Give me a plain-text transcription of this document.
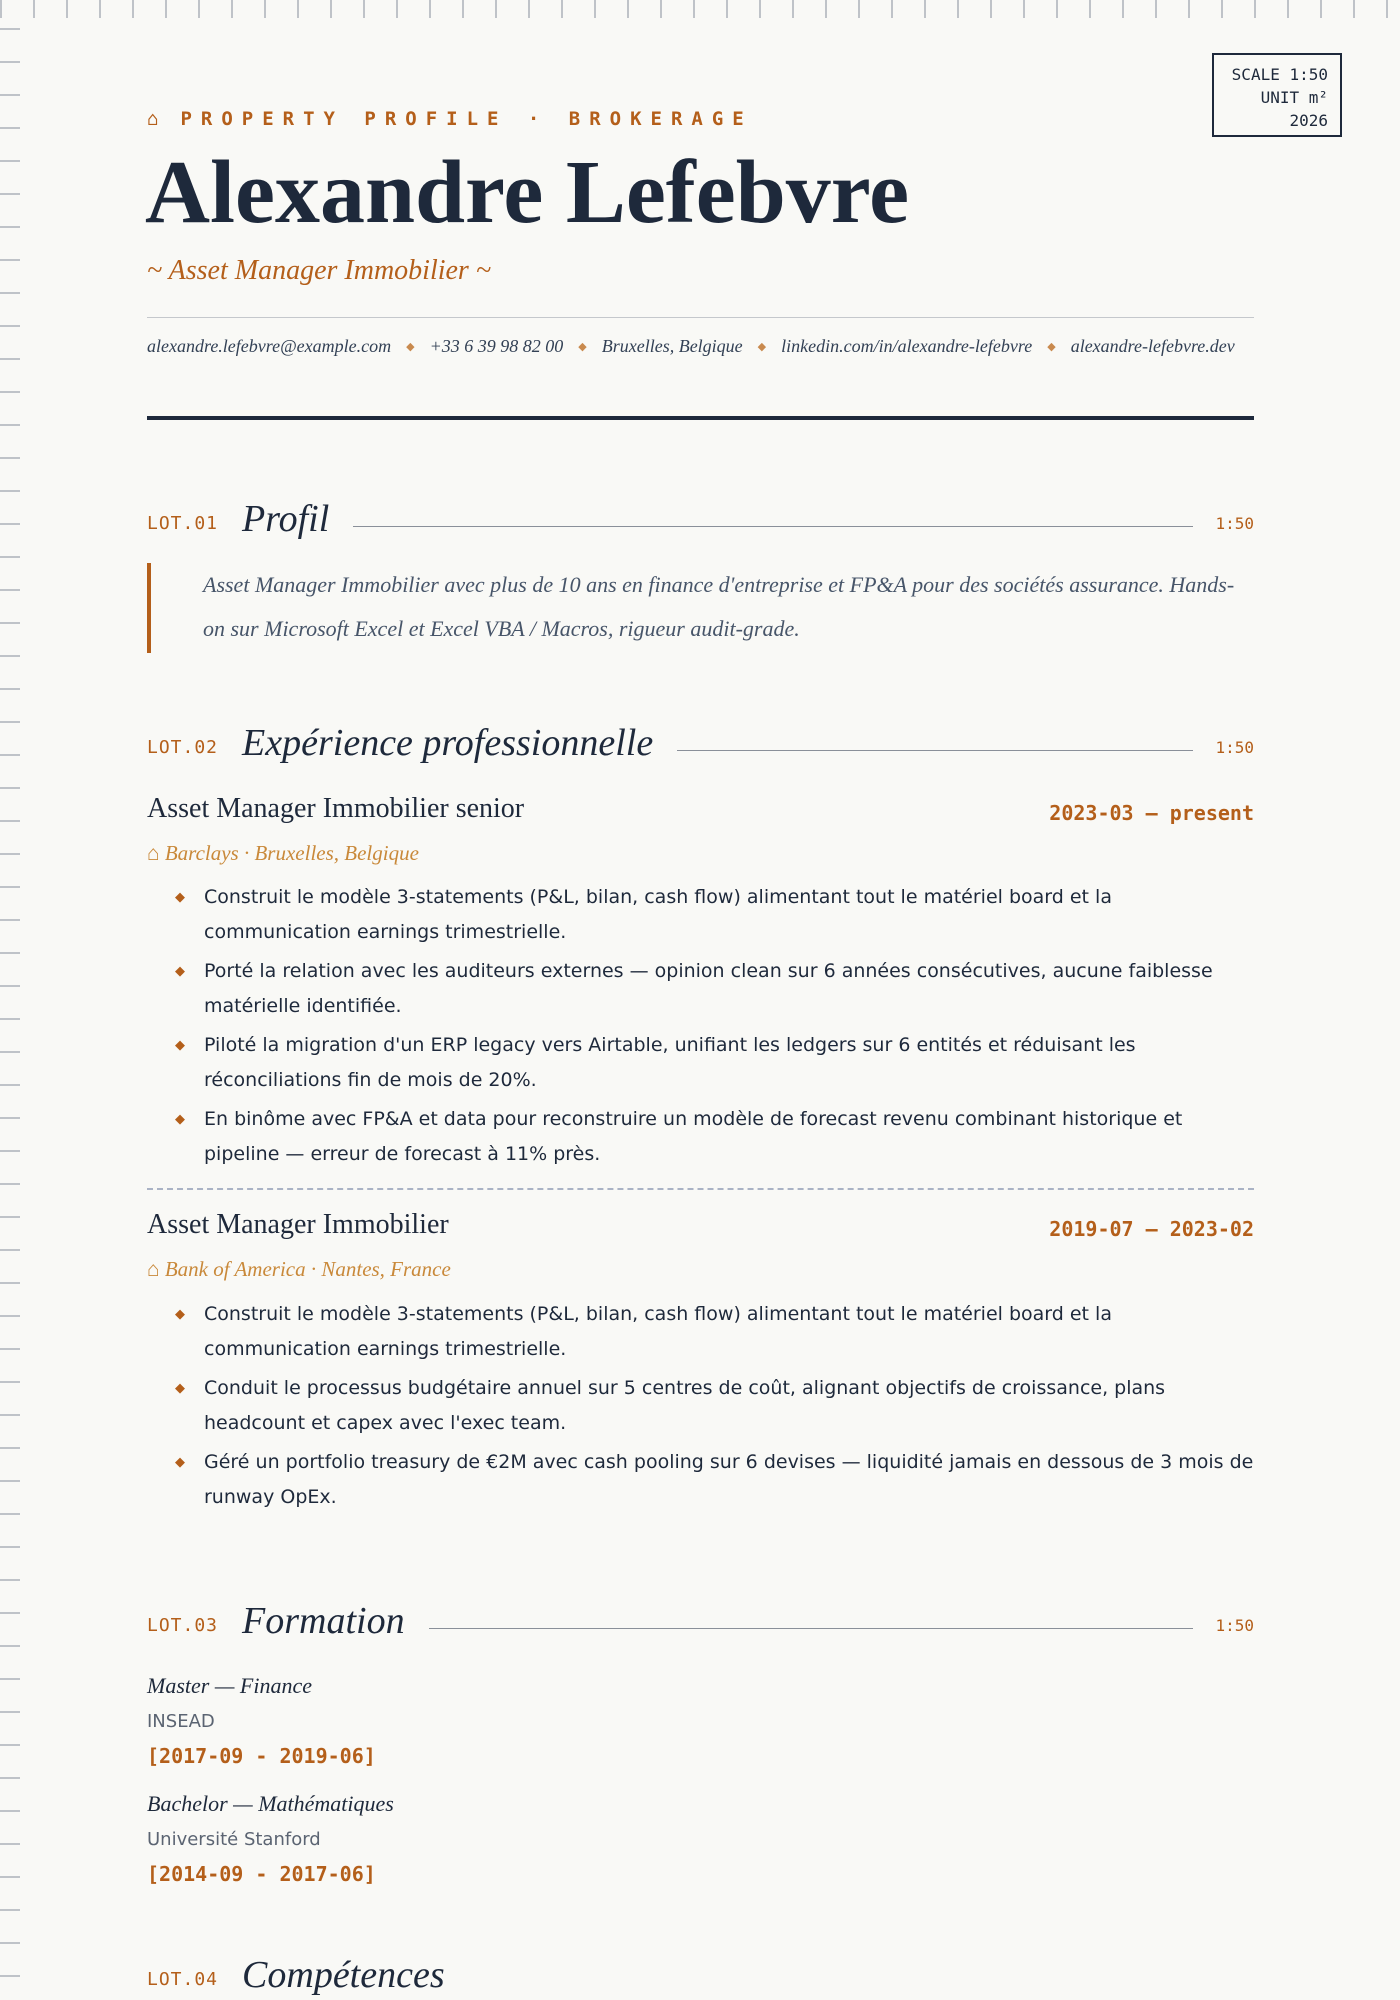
SCALE 1:50
UNIT m²
2026
⌂ PROPERTY PROFILE · BROKERAGE
Alexandre Lefebvre
~ Asset Manager Immobilier ~
alexandre.lefebvre@example.com ◆ +33 6 39 98 82 00 ◆ Bruxelles, Belgique ◆ linkedin.com/in/alexandre-lefebvre ◆ alexandre-lefebvre.dev
LOT.01 Profil	1:50
Asset Manager Immobilier avec plus de 10 ans en finance d'entreprise et FP&A pour des sociétés assurance. Hands-on sur Microsoft Excel et Excel VBA / Macros, rigueur audit-grade.
LOT.02 Expérience professionnelle	1:50
Asset Manager Immobilier senior	2023-03 — present
⌂ Barclays · Bruxelles, Belgique
◆ Construit le modèle 3-statements (P&L, bilan, cash flow) alimentant tout le matériel board et la communication earnings trimestrielle.
◆ Porté la relation avec les auditeurs externes — opinion clean sur 6 années consécutives, aucune faiblesse matérielle identifiée.
◆ Piloté la migration d'un ERP legacy vers Airtable, unifiant les ledgers sur 6 entités et réduisant les réconciliations fin de mois de 20%.
◆ En binôme avec FP&A et data pour reconstruire un modèle de forecast revenu combinant historique et pipeline — erreur de forecast à 11% près.
Asset Manager Immobilier	2019-07 — 2023-02
⌂ Bank of America · Nantes, France
◆ Construit le modèle 3-statements (P&L, bilan, cash flow) alimentant tout le matériel board et la communication earnings trimestrielle.
◆ Conduit le processus budgétaire annuel sur 5 centres de coût, alignant objectifs de croissance, plans headcount et capex avec l'exec team.
◆ Géré un portfolio treasury de €2M avec cash pooling sur 6 devises — liquidité jamais en dessous de 3 mois de runway OpEx.
LOT.03 Formation	1:50
Master — Finance
INSEAD
[2017-09 - 2019-06]
Bachelor — Mathématiques
Université Stanford
[2014-09 - 2017-06]
LOT.04 Compétences
